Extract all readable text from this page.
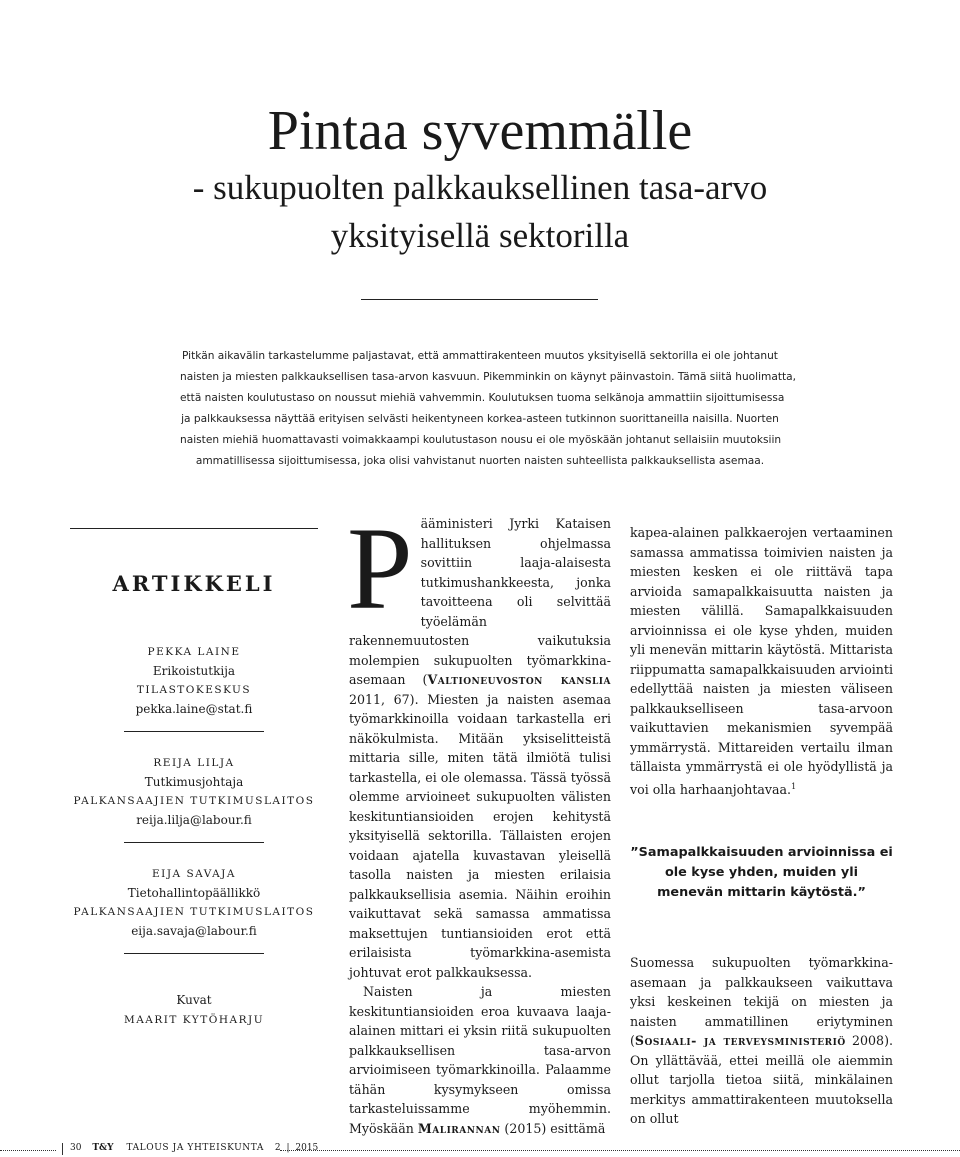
Pintaa syvemmälle
- sukupuolten palkkauksellinen tasa-arvo
yksityisellä sektorilla

Pitkän aikavälin tarkastelumme paljastavat, että ammattirakenteen muutos yksityisellä sektorilla ei ole johtanut

naisten ja miesten palkkauksellisen tasa-arvon kasvuun. Pikemminkin on käynyt päinvastoin. Tämä siitä huolimatta,

että naisten koulutustaso on noussut miehiä vahvemmin. Koulutuksen tuoma selkänoja ammattiin sijoittumisessa

ja palkkauksessa näyttää erityisen selvästi heikentyneen korkea-asteen tutkinnon suorittaneilla naisilla. Nuorten

naisten miehiä huomattavasti voimakkaampi koulutustason nousu ei ole myöskään johtanut sellaisiin muutoksiin

ammatillisessa sijoittumisessa, joka olisi vahvistanut nuorten naisten suhteellista palkkauksellista asemaa.

ARTIKKELI
PEKKA LAINE
Erikoistutkija
TILASTOKESKUS
pekka.laine@stat.fi
REIJA LILJA
Tutkimusjohtaja
PALKANSAAJIEN TUTKIMUSLAITOS
reija.lilja@labour.fi
EIJA SAVAJA
Tietohallintopäällikkö
PALKANSAAJIEN TUTKIMUSLAITOS
eija.savaja@labour.fi
Kuvat
MAARIT KYTÖHARJU

Pääministeri Jyrki Kataisen hallituksen ohjelmassa sovittiin laaja-alaisesta tutkimushankkeesta, jonka tavoitteena oli selvittää työelämän rakennemuutosten vaikutuksia molempien sukupuolten työmarkkina-asemaan (Valtioneuvoston kanslia 2011, 67). Miesten ja naisten asemaa työmarkkinoilla voidaan tarkastella eri näkökulmista. Mitään yksiselitteistä mittaria sille, miten tätä ilmiötä tulisi tarkastella, ei ole olemassa. Tässä työssä olemme arvioineet sukupuolten välisten keskituntiansioiden erojen kehitystä yksityisellä sektorilla. Tällaisten erojen voidaan ajatella kuvastavan yleisellä tasolla naisten ja miesten erilaisia palkkauksellisia asemia. Näihin eroihin vaikuttavat sekä samassa ammatissa maksettujen tuntiansioiden erot että erilaisista työmarkkina-asemista johtuvat erot palkkauksessa.

Naisten ja miesten keskituntiansioiden eroa kuvaava laaja-alainen mittari ei yksin riitä sukupuolten palkkauksellisen tasa-arvon arvioimiseen työmarkkinoilla. Palaamme tähän kysymykseen omissa tarkasteluissamme myöhemmin. Myöskään Malirannan (2015) esittämä

kapea-alainen palkkaerojen vertaaminen samassa ammatissa toimivien naisten ja miesten kesken ei ole riittävä tapa arvioida samapalkkaisuutta naisten ja miesten välillä. Samapalkkaisuuden arvioinnissa ei ole kyse yhden, muiden yli menevän mittarin käytöstä. Mittarista riippumatta samapalkkaisuuden arviointi edellyttää naisten ja miesten väliseen palkkaukselliseen tasa-arvoon vaikuttavien mekanismien syvempää ymmärrystä. Mittareiden vertailu ilman tällaista ymmärrystä ei ole hyödyllistä ja voi olla harhaanjohtavaa.$^1$

”Samapalkkaisuuden arvioinnissa ei ole kyse yhden, muiden yli menevän mittarin käytöstä.”

Suomessa sukupuolten työmarkkina-asemaan ja palkkaukseen vaikuttava yksi keskeinen tekijä on miesten ja naisten ammatillinen eriytyminen (Sosiaali- ja terveysministeriö 2008). On yllättävää, ettei meillä ole aiemmin ollut tarjolla tietoa siitä, minkälainen merkitys ammattirakenteen muutoksella on ollut

30 T&Y TALOUS JA YHTEISKUNTA 2 | 2015
